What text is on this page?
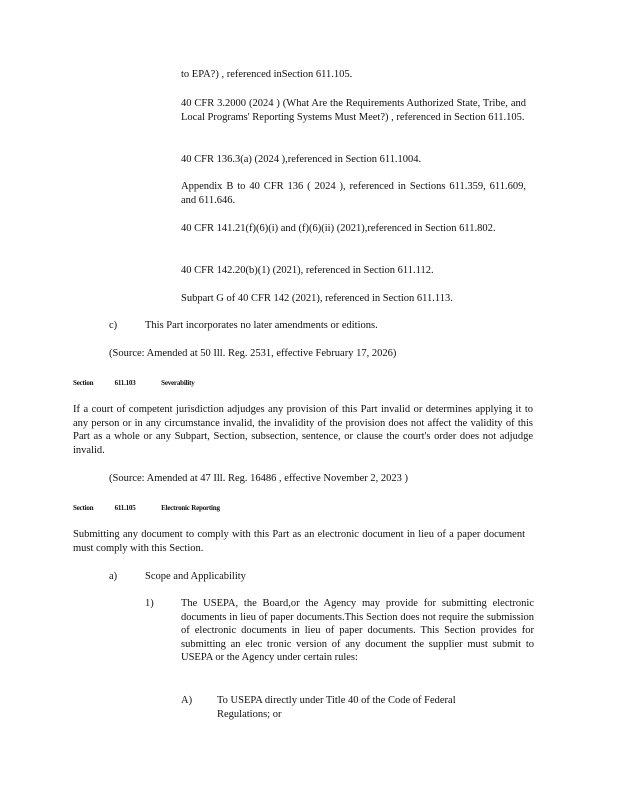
to EPA?) , referenced inSection 611.105.
40 CFR 3.2000 (2024 ) (What Are the Requirements Authorized State, Tribe, and Local Programs' Reporting Systems Must Meet?) , referenced in Section 611.105.
40 CFR 136.3(a) (2024 ),referenced in Section 611.1004.
Appendix B to 40 CFR 136 ( 2024 ), referenced in Sections 611.359, 611.609, and 611.646.
40 CFR 141.21(f)(6)(i) and (f)(6)(ii) (2021),referenced in Section 611.802.
40 CFR 142.20(b)(1) (2021), referenced in Section 611.112.
Subpart G of 40 CFR 142 (2021), referenced in Section 611.113.
c)	This Part incorporates no later amendments or editions.
(Source: Amended at 50 Ill. Reg. 2531, effective February 17, 2026)
Section	611.103	Severability
If a court of competent jurisdiction adjudges any provision of this Part invalid or determines applying it to any person or in any circumstance invalid, the invalidity of the provision does not affect the validity of this Part as a whole or any Subpart, Section, subsection, sentence, or clause the court's order does not adjudge invalid.
(Source: Amended at 47 Ill. Reg. 16486 , effective November 2, 2023 )
Section	611.105	Electronic Reporting
Submitting any document to comply with this Part as an electronic document in lieu of a paper document must comply with this Section.
a)	Scope and Applicability
1)	The USEPA, the Board,or the Agency may provide for submitting electronic documents in lieu of paper documents.This Section does not require the submission of electronic documents in lieu of paper documents. This Section provides for submitting an elec tronic version of any document the supplier must submit to USEPA or the Agency under certain rules:
A) To USEPA directly under Title 40 of the Code of Federal Regulations; or
